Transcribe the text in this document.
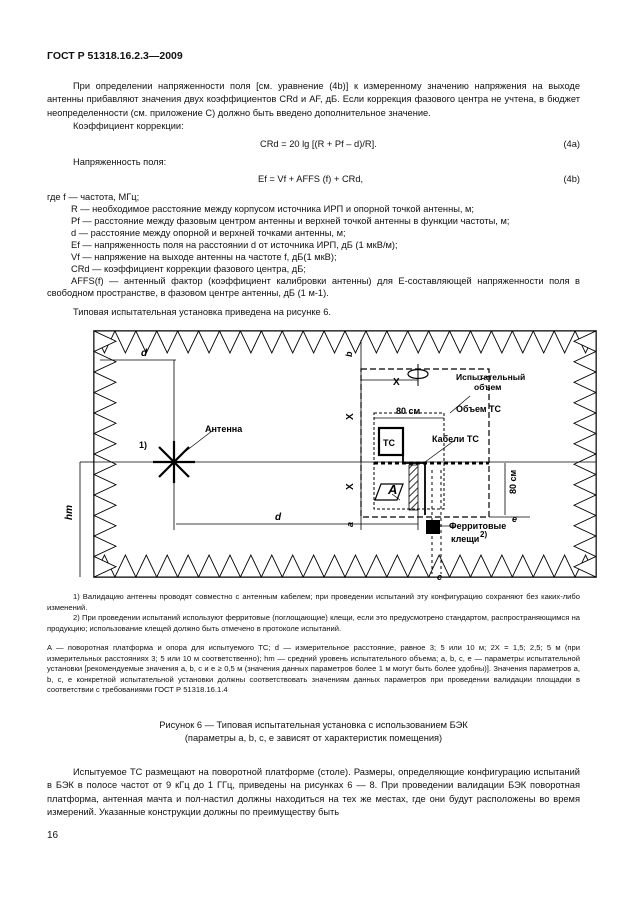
ГОСТ Р 51318.16.2.3—2009
При определении напряженности поля [см. уравнение (4b)] к измеренному значению напряжения на выходе антенны прибавляют значения двух коэффициентов CRd и AF, дБ. Если коррекция фазового центра не учтена, в бюджет неопределенности (см. приложение С) должно быть введено дополнительное значение.
Коэффициент коррекции:
CRd = 20 lg [(R + Pf – d)/R].	(4a)
Напряженность поля:
Ef = Vf + AFFS (f) + CRd,	(4b)
где f — частота, МГц;
R — необходимое расстояние между корпусом источника ИРП и опорной точкой антенны, м;
Pf — расстояние между фазовым центром антенны и верхней точкой антенны в функции частоты, м;
d — расстояние между опорной и верхней точками антенны, м;
Ef — напряженность поля на расстоянии d от источника ИРП, дБ (1 мкВ/м);
Vf — напряжение на выходе антенны на частоте f, дБ(1 мкВ);
CRd — коэффициент коррекции фазового центра, дБ;
AFFS(f) — антенный фактор (коэффициент калибровки антенны) для E-составляющей напряженности поля в свободном пространстве, в фазовом центре антенны, дБ (1 м-1).
Типовая испытательная установка приведена на рисунке 6.
1)
Антенна
Испытательный
объем
80 см	Объем ТС
ТС	Кабели ТС
Ферритовые
клещи 2)
A
d
d
b
X
X
a
X
80 см
e
c
hm
1) Валидацию антенны проводят совместно с антенным кабелем; при проведении испытаний эту конфигурацию сохраняют без каких-либо изменений.
2) При проведении испытаний используют ферритовые (поглощающие) клещи, если это предусмотрено стандартом, распространяющимся на продукцию; использование клещей должно быть отмечено в протоколе испытаний.
A — поворотная платформа и опора для испытуемого ТС; d — измерительное расстояние, равное 3; 5 или 10 м; 2X = 1,5; 2,5; 5 м (при измерительных расстояниях 3; 5 или 10 м соответственно); hm — средний уровень испытательного объема; a, b, c, e — параметры испытательной установки [рекомендуемые значения a, b, c и e ≥ 0,5 м (значения данных параметров более 1 м могут быть более удобны)]. Значения параметров a, b, c, e конкретной испытательной установки должны соответствовать значениям данных параметров при проведении валидации площадки в соответствии с требованиями ГОСТ Р 51318.16.1.4
Рисунок 6 — Типовая испытательная установка с использованием БЭК
(параметры a, b, c, e зависят от характеристик помещения)
Испытуемое ТС размещают на поворотной платформе (столе). Размеры, определяющие конфигурацию испытаний в БЭК в полосе частот от 9 кГц до 1 ГГц, приведены на рисунках 6 — 8. При проведении валидации БЭК поворотная платформа, антенная мачта и пол-настил должны находиться на тех же местах, где они будут расположены во время измерений. Указанные конструкции должны по преимуществу быть
16
